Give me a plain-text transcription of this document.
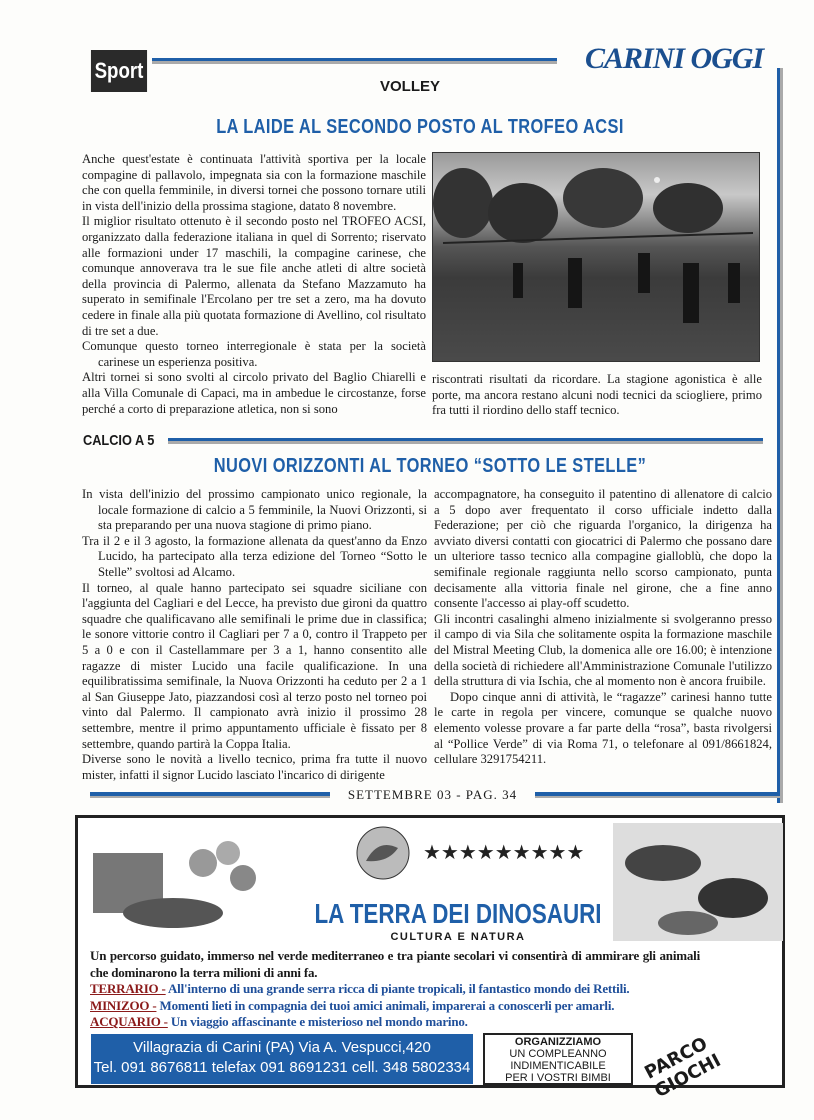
Sport	CARINI OGGI
VOLLEY
LA LAIDE AL SECONDO POSTO AL TROFEO ACSI

Anche quest'estate è continuata l'attività sportiva per la locale compagine di pallavolo, impegnata sia con la formazione maschile che con quella femminile, in diversi tornei che possono tornare utili in vista dell'inizio della prossima stagione, datato 8 novembre.

Il miglior risultato ottenuto è il secondo posto nel TROFEO ACSI, organizzato dalla federazione italiana in quel di Sorrento; riservato alle formazioni under 17 maschili, la compagine carinese, che comunque annoverava tra le sue file anche atleti di altre società della provincia di Palermo, allenata da Stefano Mazzamuto ha superato in semifinale l'Ercolano per tre set a zero, ma ha dovuto cedere in finale alla più quotata formazione di Avellino, col risultato di tre set a due.

Comunque questo torneo interregionale è stata per la società carinese un esperienza positiva.

Altri tornei si sono svolti al circolo privato del Baglio Chiarelli e alla Villa Comunale di Capaci, ma in ambedue le circostanze, forse perché a corto di preparazione atletica, non si sono

riscontrati risultati da ricordare. La stagione agonistica è alle porte, ma ancora restano alcuni nodi tecnici da sciogliere, primo fra tutti il riordino dello staff tecnico.
CALCIO A 5
NUOVI ORIZZONTI AL TORNEO “SOTTO LE STELLE”

In vista dell'inizio del prossimo campionato unico regionale, la locale formazione di calcio a 5 femminile, la Nuovi Orizzonti, si sta preparando per una nuova stagione di primo piano.

Tra il 2 e il 3 agosto, la formazione allenata da quest'anno da Enzo Lucido, ha partecipato alla terza edizione del Torneo “Sotto le Stelle” svoltosi ad Alcamo.

Il torneo, al quale hanno partecipato sei squadre siciliane con l'aggiunta del Cagliari e del Lecce, ha previsto due gironi da quattro squadre che qualificavano alle semifinali le prime due in classifica; le sonore vittorie contro il Cagliari per 7 a 0, contro il Trappeto per 5 a 0 e con il Castellammare per 3 a 1, hanno consentito alle ragazze di mister Lucido una facile qualificazione. In una equilibratissima semifinale, la Nuova Orizzonti ha ceduto per 2 a 1 al San Giuseppe Jato, piazzandosi così al terzo posto nel torneo poi vinto dal Palermo. Il campionato avrà inizio il prossimo 28 settembre, mentre il primo appuntamento ufficiale è fissato per 8 settembre, quando partirà la Coppa Italia.

Diverse sono le novità a livello tecnico, prima fra tutte il nuovo mister, infatti il signor Lucido lasciato l'incarico di dirigente

accompagnatore, ha conseguito il patentino di allenatore di calcio a 5 dopo aver frequentato il corso ufficiale indetto dalla Federazione; per ciò che riguarda l'organico, la dirigenza ha avviato diversi contatti con giocatrici di Palermo che possano dare un ulteriore tasso tecnico alla compagine gialloblù, che dopo la semifinale regionale raggiunta nello scorso campionato, punta decisamente alla vittoria finale nel girone, che a fine anno consente l'accesso ai play-off scudetto.

Gli incontri casalinghi almeno inizialmente si svolgeranno presso il campo di via Sila che solitamente ospita la formazione maschile del Mistral Meeting Club, la domenica alle ore 16.00; è intenzione della società di richiedere all'Amministrazione Comunale l'utilizzo della struttura di via Ischia, che al momento non è ancora fruibile.

Dopo cinque anni di attività, le “ragazze” carinesi hanno tutte le carte in regola per vincere, comunque se qualche nuovo elemento volesse provare a far parte della “rosa”, basta rivolgersi al “Pollice Verde” di via Roma 71, o telefonare al 091/8661824, cellulare 3291754211.

SETTEMBRE 03 - PAG. 34
★★★★★★★★★
LA TERRA DEI DINOSAURI
CULTURA E NATURA
Un percorso guidato, immerso nel verde mediterraneo e tra piante secolari vi consentirà di ammirare gli animali che dominarono la terra milioni di anni fa.
TERRARIO - All'interno di una grande serra ricca di piante tropicali, il fantastico mondo dei Rettili.
MINIZOO - Momenti lieti in compagnia dei tuoi amici animali, imparerai a conoscerli per amarli.
ACQUARIO - Un viaggio affascinante e misterioso nel mondo marino.
Villagrazia di Carini (PA) Via A. Vespucci,420
Tel. 091 8676811 telefax 091 8691231 cell. 348 5802334
ORGANIZZIAMO
UN COMPLEANNO
INDIMENTICABILE
PER I VOSTRI BIMBI	PARCO GIOCHI
